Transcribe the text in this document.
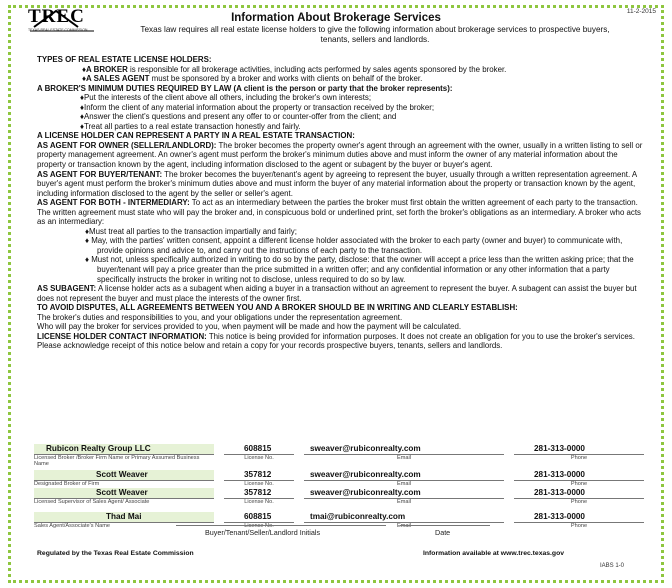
TREC
TEXAS REAL ESTATE COMMISSION
11-2-2015
Information About Brokerage Services
Texas law requires all real estate license holders to give the following information about brokerage services to prospective buyers, tenants, sellers and landlords.

TYPES OF REAL ESTATE LICENSE HOLDERS:

♦A BROKER is responsible for all brokerage activities, including acts performed by sales agents sponsored by the broker.

♦A SALES AGENT must be sponsored by a broker and works with clients on behalf of the broker.

A BROKER'S MINIMUM DUTIES REQUIRED BY LAW (A client is the person or party that the broker represents):

♦Put the interests of the client above all others, including the broker's own interests;

♦Inform the client of any material information about the property or transaction received by the broker;

♦Answer the client's questions and present any offer to or counter-offer from the client; and

♦Treat all parties to a real estate transaction honestly and fairly.

A LICENSE HOLDER CAN REPRESENT A PARTY IN A REAL ESTATE TRANSACTION:

AS AGENT FOR OWNER (SELLER/LANDLORD): The broker becomes the property owner's agent through an agreement with the owner, usually in a written listing to sell or property management agreement. An owner's agent must perform the broker's minimum duties above and must inform the owner of any material information about the property or transaction known by the agent, including information disclosed to the agent or subagent by the buyer or buyer's agent.

AS AGENT FOR BUYER/TENANT: The broker becomes the buyer/tenant's agent by agreeing to represent the buyer, usually through a written representation agreement. A buyer's agent must perform the broker's minimum duties above and must inform the buyer of any material information about the property or transaction known by the agent, including information disclosed to the agent by the seller or seller's agent.

AS AGENT FOR BOTH - INTERMEDIARY: To act as an intermediary between the parties the broker must first obtain the written agreement of each party to the transaction. The written agreement must state who will pay the broker and, in conspicuous bold or underlined print, set forth the broker's obligations as an intermediary. A broker who acts as an intermediary:

♦Must treat all parties to the transaction impartially and fairly;

♦ May, with the parties' written consent, appoint a different license holder associated with the broker to each party (owner and buyer) to communicate with, provide opinions and advice to, and carry out the instructions of each party to the transaction.

♦ Must not, unless specifically authorized in writing to do so by the party, disclose: that the owner will accept a price less than the written asking price; that the buyer/tenant will pay a price greater than the price submitted in a written offer; and any confidential information or any other information that a party specifically instructs the broker in writing not to disclose, unless required to do so by law.

AS SUBAGENT: A license holder acts as a subagent when aiding a buyer in a transaction without an agreement to represent the buyer. A subagent can assist the buyer but does not represent the buyer and must place the interests of the owner first.

TO AVOID DISPUTES, ALL AGREEMENTS BETWEEN YOU AND A BROKER SHOULD BE IN WRITING AND CLEARLY ESTABLISH:

The broker's duties and responsibilities to you, and your obligations under the representation agreement.

Who will pay the broker for services provided to you, when payment will be made and how the payment will be calculated.

LICENSE HOLDER CONTACT INFORMATION: This notice is being provided for information purposes. It does not create an obligation for you to use the broker's services. Please acknowledge receipt of this notice below and retain a copy for your records prospective buyers, tenants, sellers and landlords.

Rubicon Realty Group LLC	608815	sweaver@rubiconrealty.com	281-313-0000
Licensed Broker /Broker Firm Name or Primary Assumed Business Name
License No.	Email	Phone
Scott Weaver	357812	sweaver@rubiconrealty.com	281-313-0000
Designated Broker of Firm	License No.	Email	Phone
Scott Weaver	357812	sweaver@rubiconrealty.com	281-313-0000
Licensed Supervisor of Sales Agent/ Associate	License No.	Email	Phone
Thad Mai	608815	tmai@rubiconrealty.com	281-313-0000
Sales Agent/Associate's Name	License No.	Email	Phone
Buyer/Tenant/Seller/Landlord Initials	Date
Regulated by the Texas Real Estate Commission	Information available at www.trec.texas.gov
IABS 1-0
